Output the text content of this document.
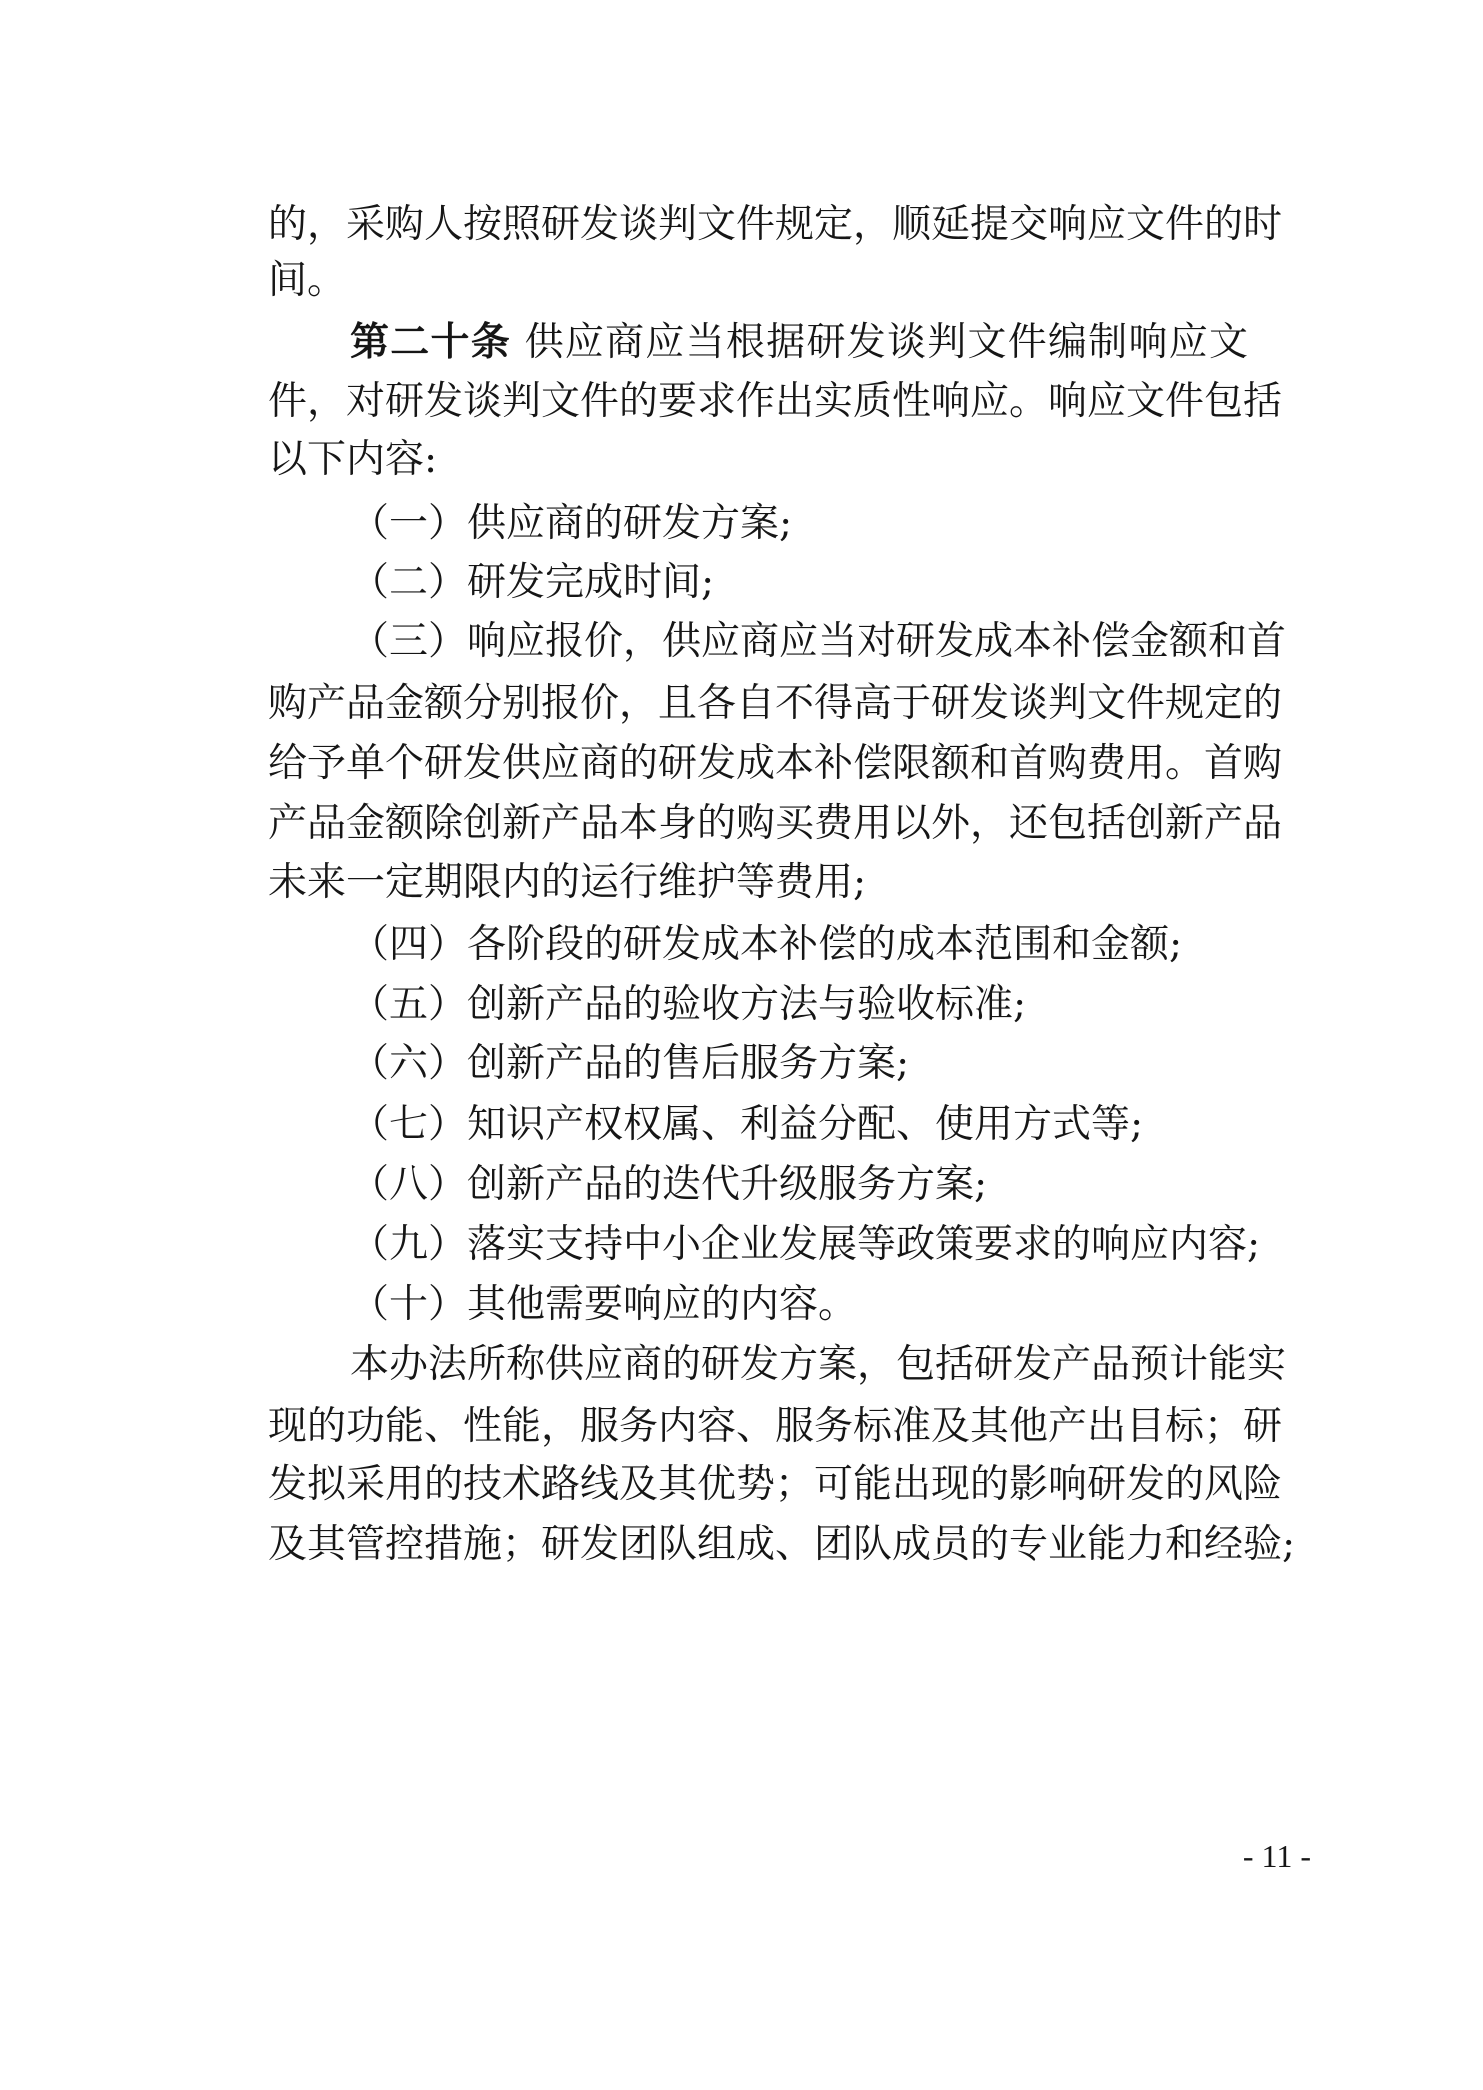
的，采购人按照研发谈判文件规定，顺延提交响应文件的时
间。
第二十条 供应商应当根据研发谈判文件编制响应文
件，对研发谈判文件的要求作出实质性响应。响应文件包括
以下内容:
（一）供应商的研发方案;
（二）研发完成时间;
（三）响应报价，供应商应当对研发成本补偿金额和首
购产品金额分别报价，且各自不得高于研发谈判文件规定的
给予单个研发供应商的研发成本补偿限额和首购费用。首购
产品金额除创新产品本身的购买费用以外，还包括创新产品
未来一定期限内的运行维护等费用;
（四）各阶段的研发成本补偿的成本范围和金额;
（五）创新产品的验收方法与验收标准;
（六）创新产品的售后服务方案;
（七）知识产权权属、利益分配、使用方式等;
（八）创新产品的迭代升级服务方案;
（九）落实支持中小企业发展等政策要求的响应内容;
（十）其他需要响应的内容。
本办法所称供应商的研发方案，包括研发产品预计能实
现的功能、性能，服务内容、服务标准及其他产出目标；研
发拟采用的技术路线及其优势；可能出现的影响研发的风险
及其管控措施；研发团队组成、团队成员的专业能力和经验;
- 11 -
